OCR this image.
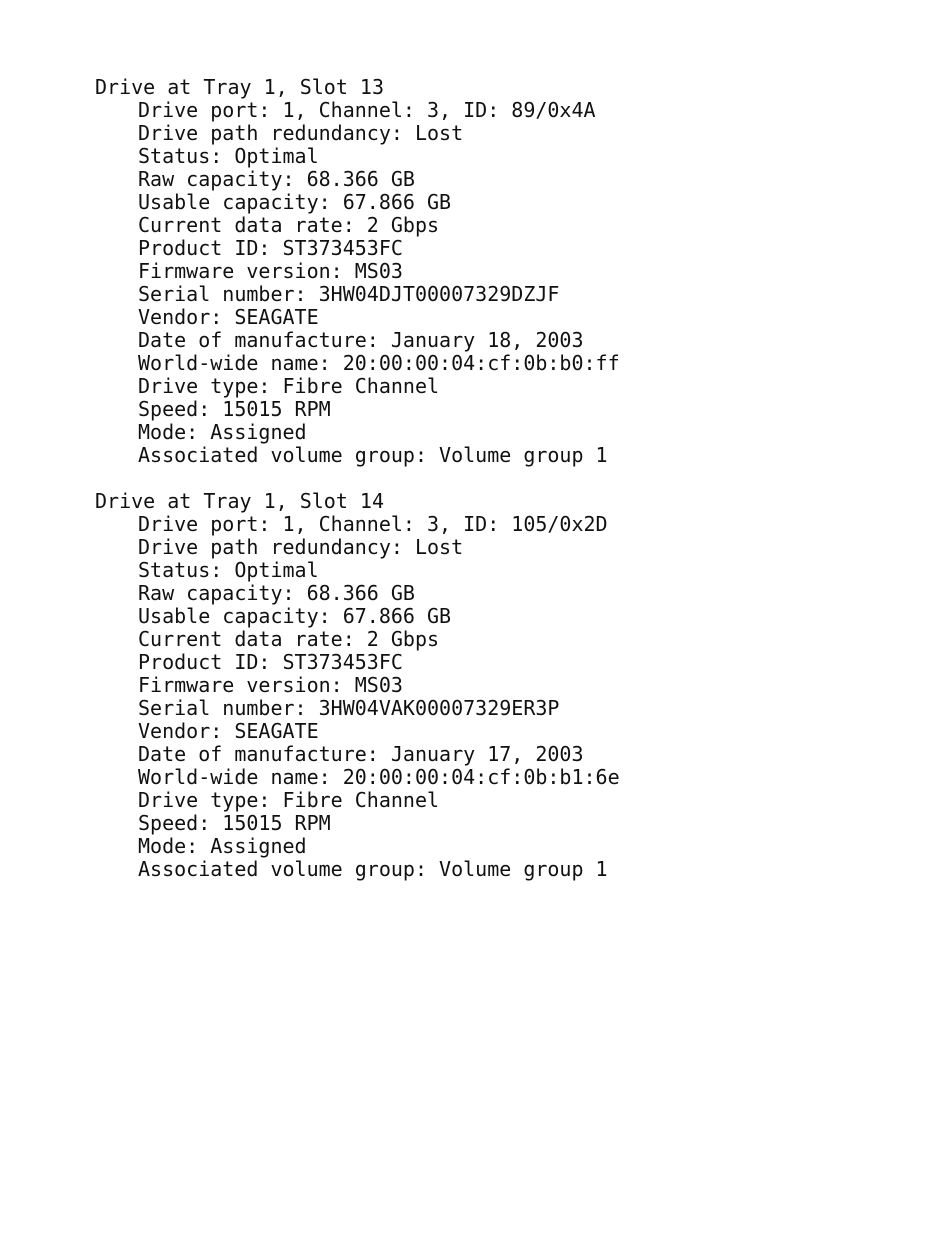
Drive at Tray 1, Slot 13
Drive port: 1, Channel: 3, ID: 89/0x4A
Drive path redundancy: Lost
Status: Optimal
Raw capacity: 68.366 GB
Usable capacity: 67.866 GB
Current data rate: 2 Gbps
Product ID: ST373453FC
Firmware version: MS03
Serial number: 3HW04DJT00007329DZJF
Vendor: SEAGATE
Date of manufacture: January 18, 2003
World-wide name: 20:00:00:04:cf:0b:b0:ff
Drive type: Fibre Channel
Speed: 15015 RPM
Mode: Assigned
Associated volume group: Volume group 1
Drive at Tray 1, Slot 14
Drive port: 1, Channel: 3, ID: 105/0x2D
Drive path redundancy: Lost
Status: Optimal
Raw capacity: 68.366 GB
Usable capacity: 67.866 GB
Current data rate: 2 Gbps
Product ID: ST373453FC
Firmware version: MS03
Serial number: 3HW04VAK00007329ER3P
Vendor: SEAGATE
Date of manufacture: January 17, 2003
World-wide name: 20:00:00:04:cf:0b:b1:6e
Drive type: Fibre Channel
Speed: 15015 RPM
Mode: Assigned
Associated volume group: Volume group 1
